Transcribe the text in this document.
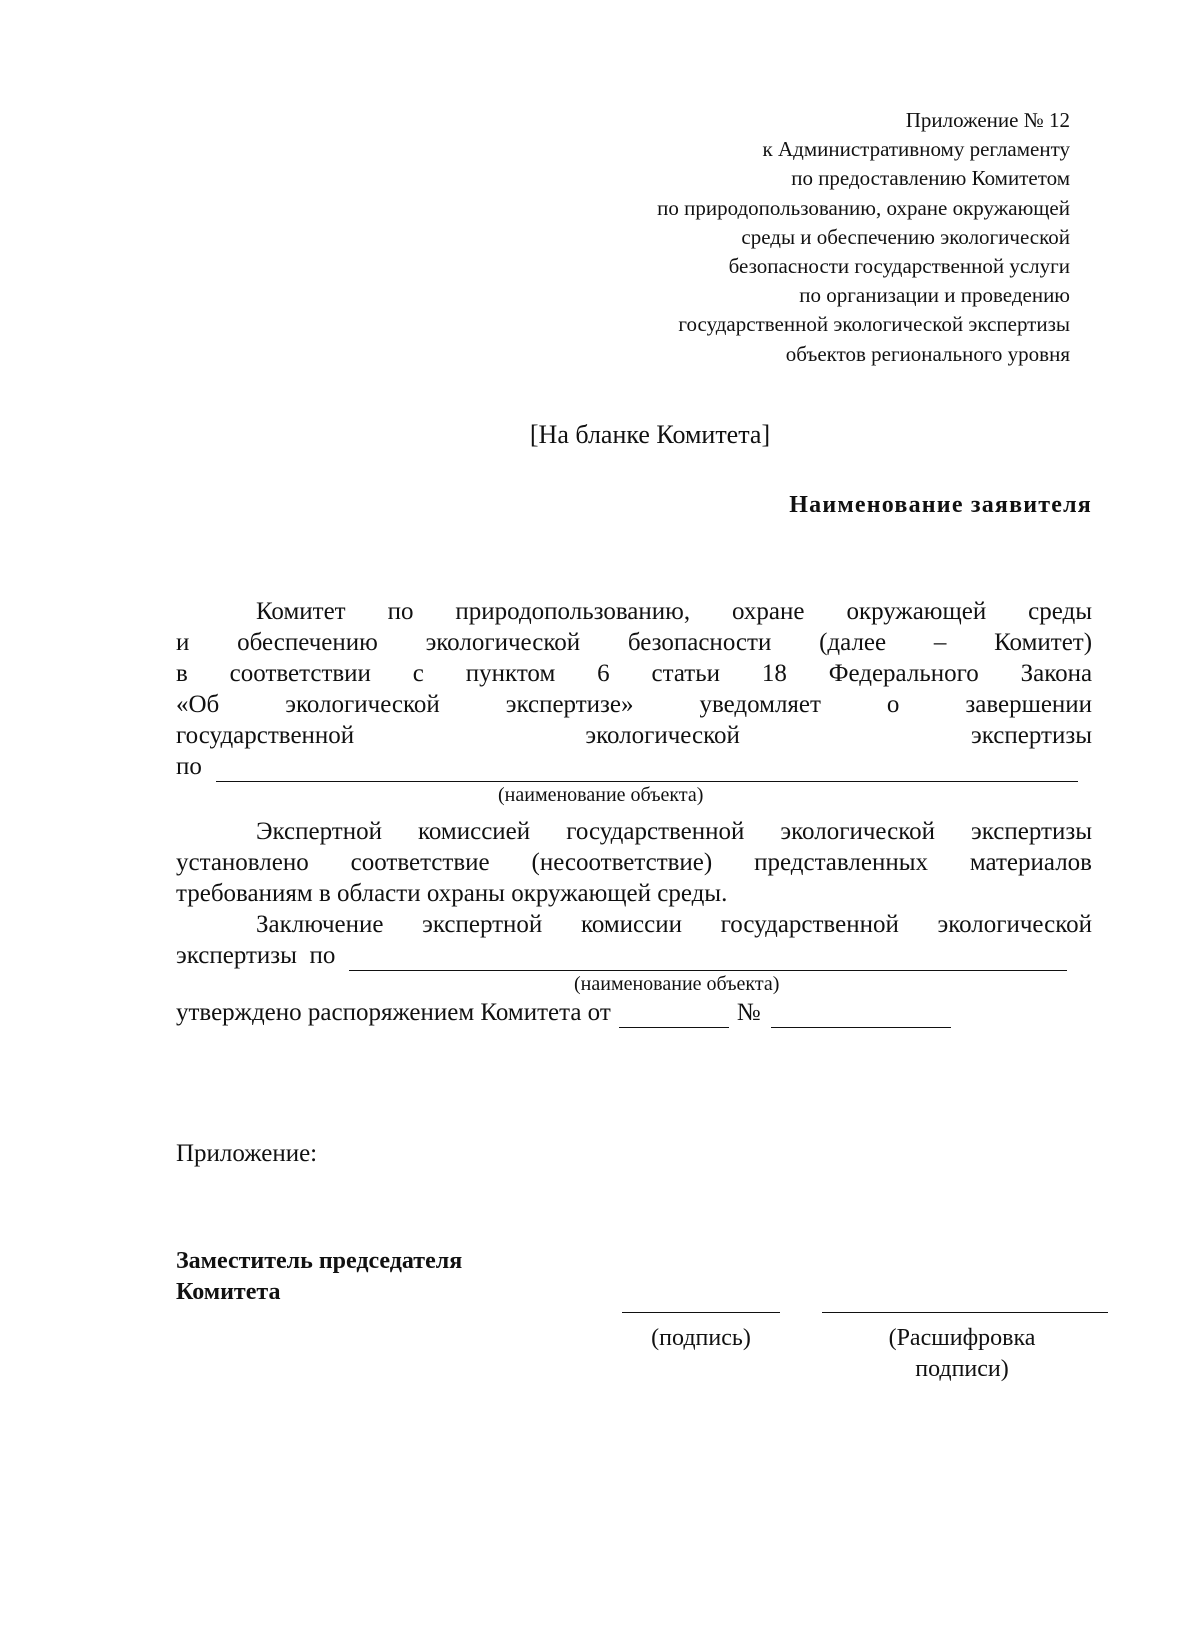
Приложение № 12
к Административному регламенту
по предоставлению Комитетом
по природопользованию, охране окружающей
среды и обеспечению экологической
безопасности государственной услуги
по организации и проведению
государственной экологической экспертизы
объектов регионального уровня
[На бланке Комитета]
Наименование заявителя
Комитет по природопользованию, охране окружающей среды
и обеспечению экологической безопасности (далее – Комитет)
в соответствии с пунктом 6 статьи 18 Федерального Закона
«Об	экологической	экспертизе»	уведомляет	о	завершении
государственной	экологической	экспертизы
по
(наименование объекта)
Экспертной комиссией государственной экологической экспертизы
установлено соответствие (несоответствие) представленных материалов
требованиям в области охраны окружающей среды.
Заключение экспертной комиссии государственной экологической
экспертизы  по
(наименование объекта)
утверждено распоряжением Комитета от	№
Приложение:
Заместитель председателя
Комитета
(подпись)	(Расшифровка
подписи)
